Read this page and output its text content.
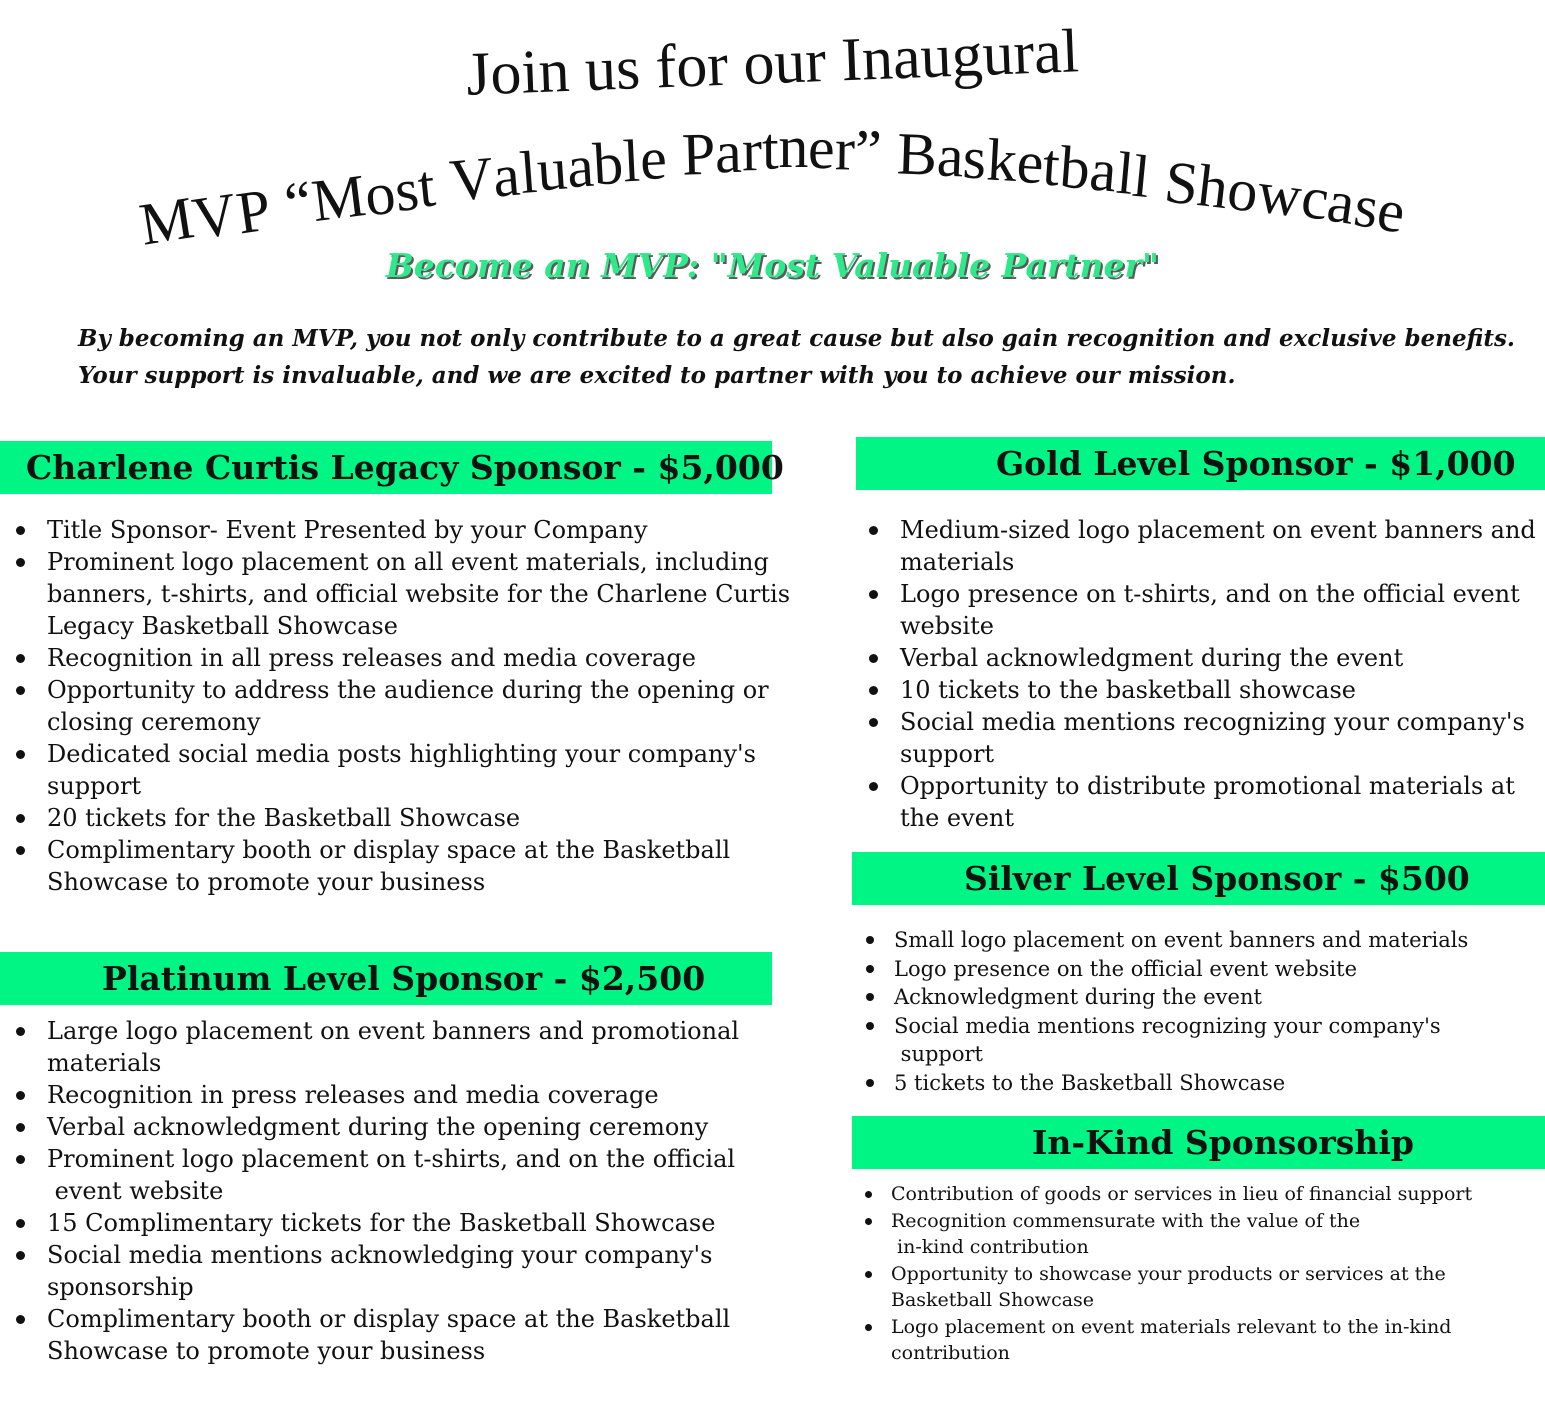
Join us for our Inaugural
MVP “Most Valuable Partner” Basketball Showcase
Become an MVP: "Most Valuable Partner"
By becoming an MVP, you not only contribute to a great cause but also gain recognition and exclusive benefits.
Your support is invaluable, and we are excited to partner with you to achieve our mission.
Charlene Curtis Legacy Sponsor - $5,000
Title Sponsor- Event Presented by your Company
Prominent logo placement on all event materials, including
banners, t-shirts, and official website for the Charlene Curtis
Legacy Basketball Showcase
Recognition in all press releases and media coverage
Opportunity to address the audience during the opening or
closing ceremony
Dedicated social media posts highlighting your company's
support
20 tickets for the Basketball Showcase
Complimentary booth or display space at the Basketball
Showcase to promote your business
Platinum Level Sponsor - $2,500
Large logo placement on event banners and promotional
materials
Recognition in press releases and media coverage
Verbal acknowledgment during the opening ceremony
Prominent logo placement on t-shirts, and on the official
event website
15 Complimentary tickets for the Basketball Showcase
Social media mentions acknowledging your company's
sponsorship
Complimentary booth or display space at the Basketball
Showcase to promote your business
Gold Level Sponsor - $1,000
Medium-sized logo placement on event banners and
materials
Logo presence on t-shirts, and on the official event
website
Verbal acknowledgment during the event
10 tickets to the basketball showcase
Social media mentions recognizing your company's
support
Opportunity to distribute promotional materials at
the event
Silver Level Sponsor - $500
Small logo placement on event banners and materials
Logo presence on the official event website
Acknowledgment during the event
Social media mentions recognizing your company's
support
5 tickets to the Basketball Showcase
In-Kind Sponsorship
Contribution of goods or services in lieu of financial support
Recognition commensurate with the value of the
in-kind contribution
Opportunity to showcase your products or services at the
Basketball Showcase
Logo placement on event materials relevant to the in-kind
contribution
